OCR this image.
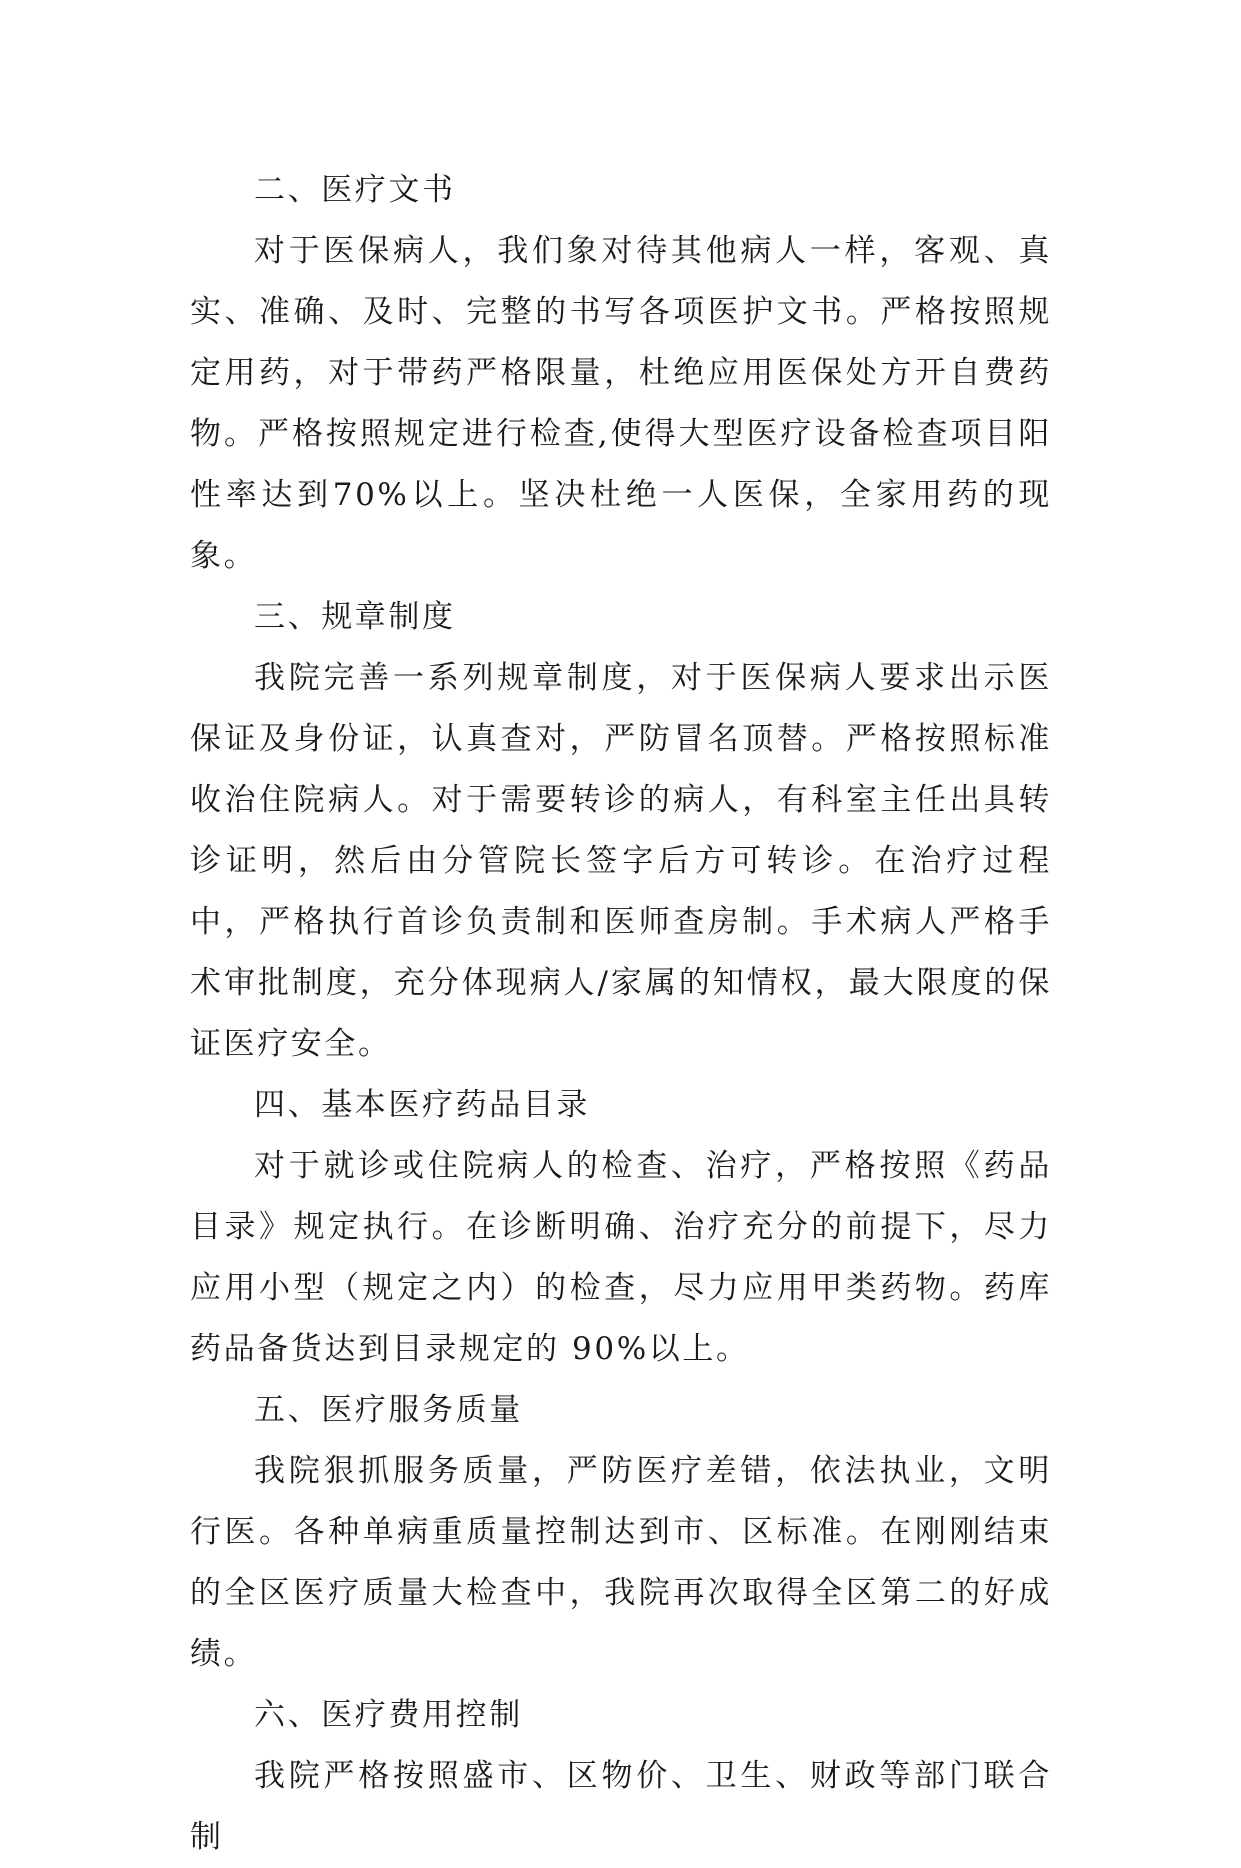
二、医疗文书

对于医保病人，我们象对待其他病人一样，客观、真实、准确、及时、完整的书写各项医护文书。严格按照规定用药，对于带药严格限量，杜绝应用医保处方开自费药物。严格按照规定进行检查,使得大型医疗设备检查项目阳性率达到70%以上。坚决杜绝一人医保，全家用药的现象。

三、规章制度

我院完善一系列规章制度，对于医保病人要求出示医保证及身份证，认真查对，严防冒名顶替。严格按照标准收治住院病人。对于需要转诊的病人，有科室主任出具转诊证明，然后由分管院长签字后方可转诊。在治疗过程中，严格执行首诊负责制和医师查房制。手术病人严格手术审批制度，充分体现病人/家属的知情权，最大限度的保证医疗安全。

四、基本医疗药品目录

对于就诊或住院病人的检查、治疗，严格按照《药品目录》规定执行。在诊断明确、治疗充分的前提下，尽力应用小型（规定之内）的检查，尽力应用甲类药物。药库药品备货达到目录规定的 90%以上。

五、医疗服务质量

我院狠抓服务质量，严防医疗差错，依法执业，文明行医。各种单病重质量控制达到市、区标准。在刚刚结束的全区医疗质量大检查中，我院再次取得全区第二的好成绩。

六、医疗费用控制

我院严格按照盛市、区物价、卫生、财政等部门联合制
